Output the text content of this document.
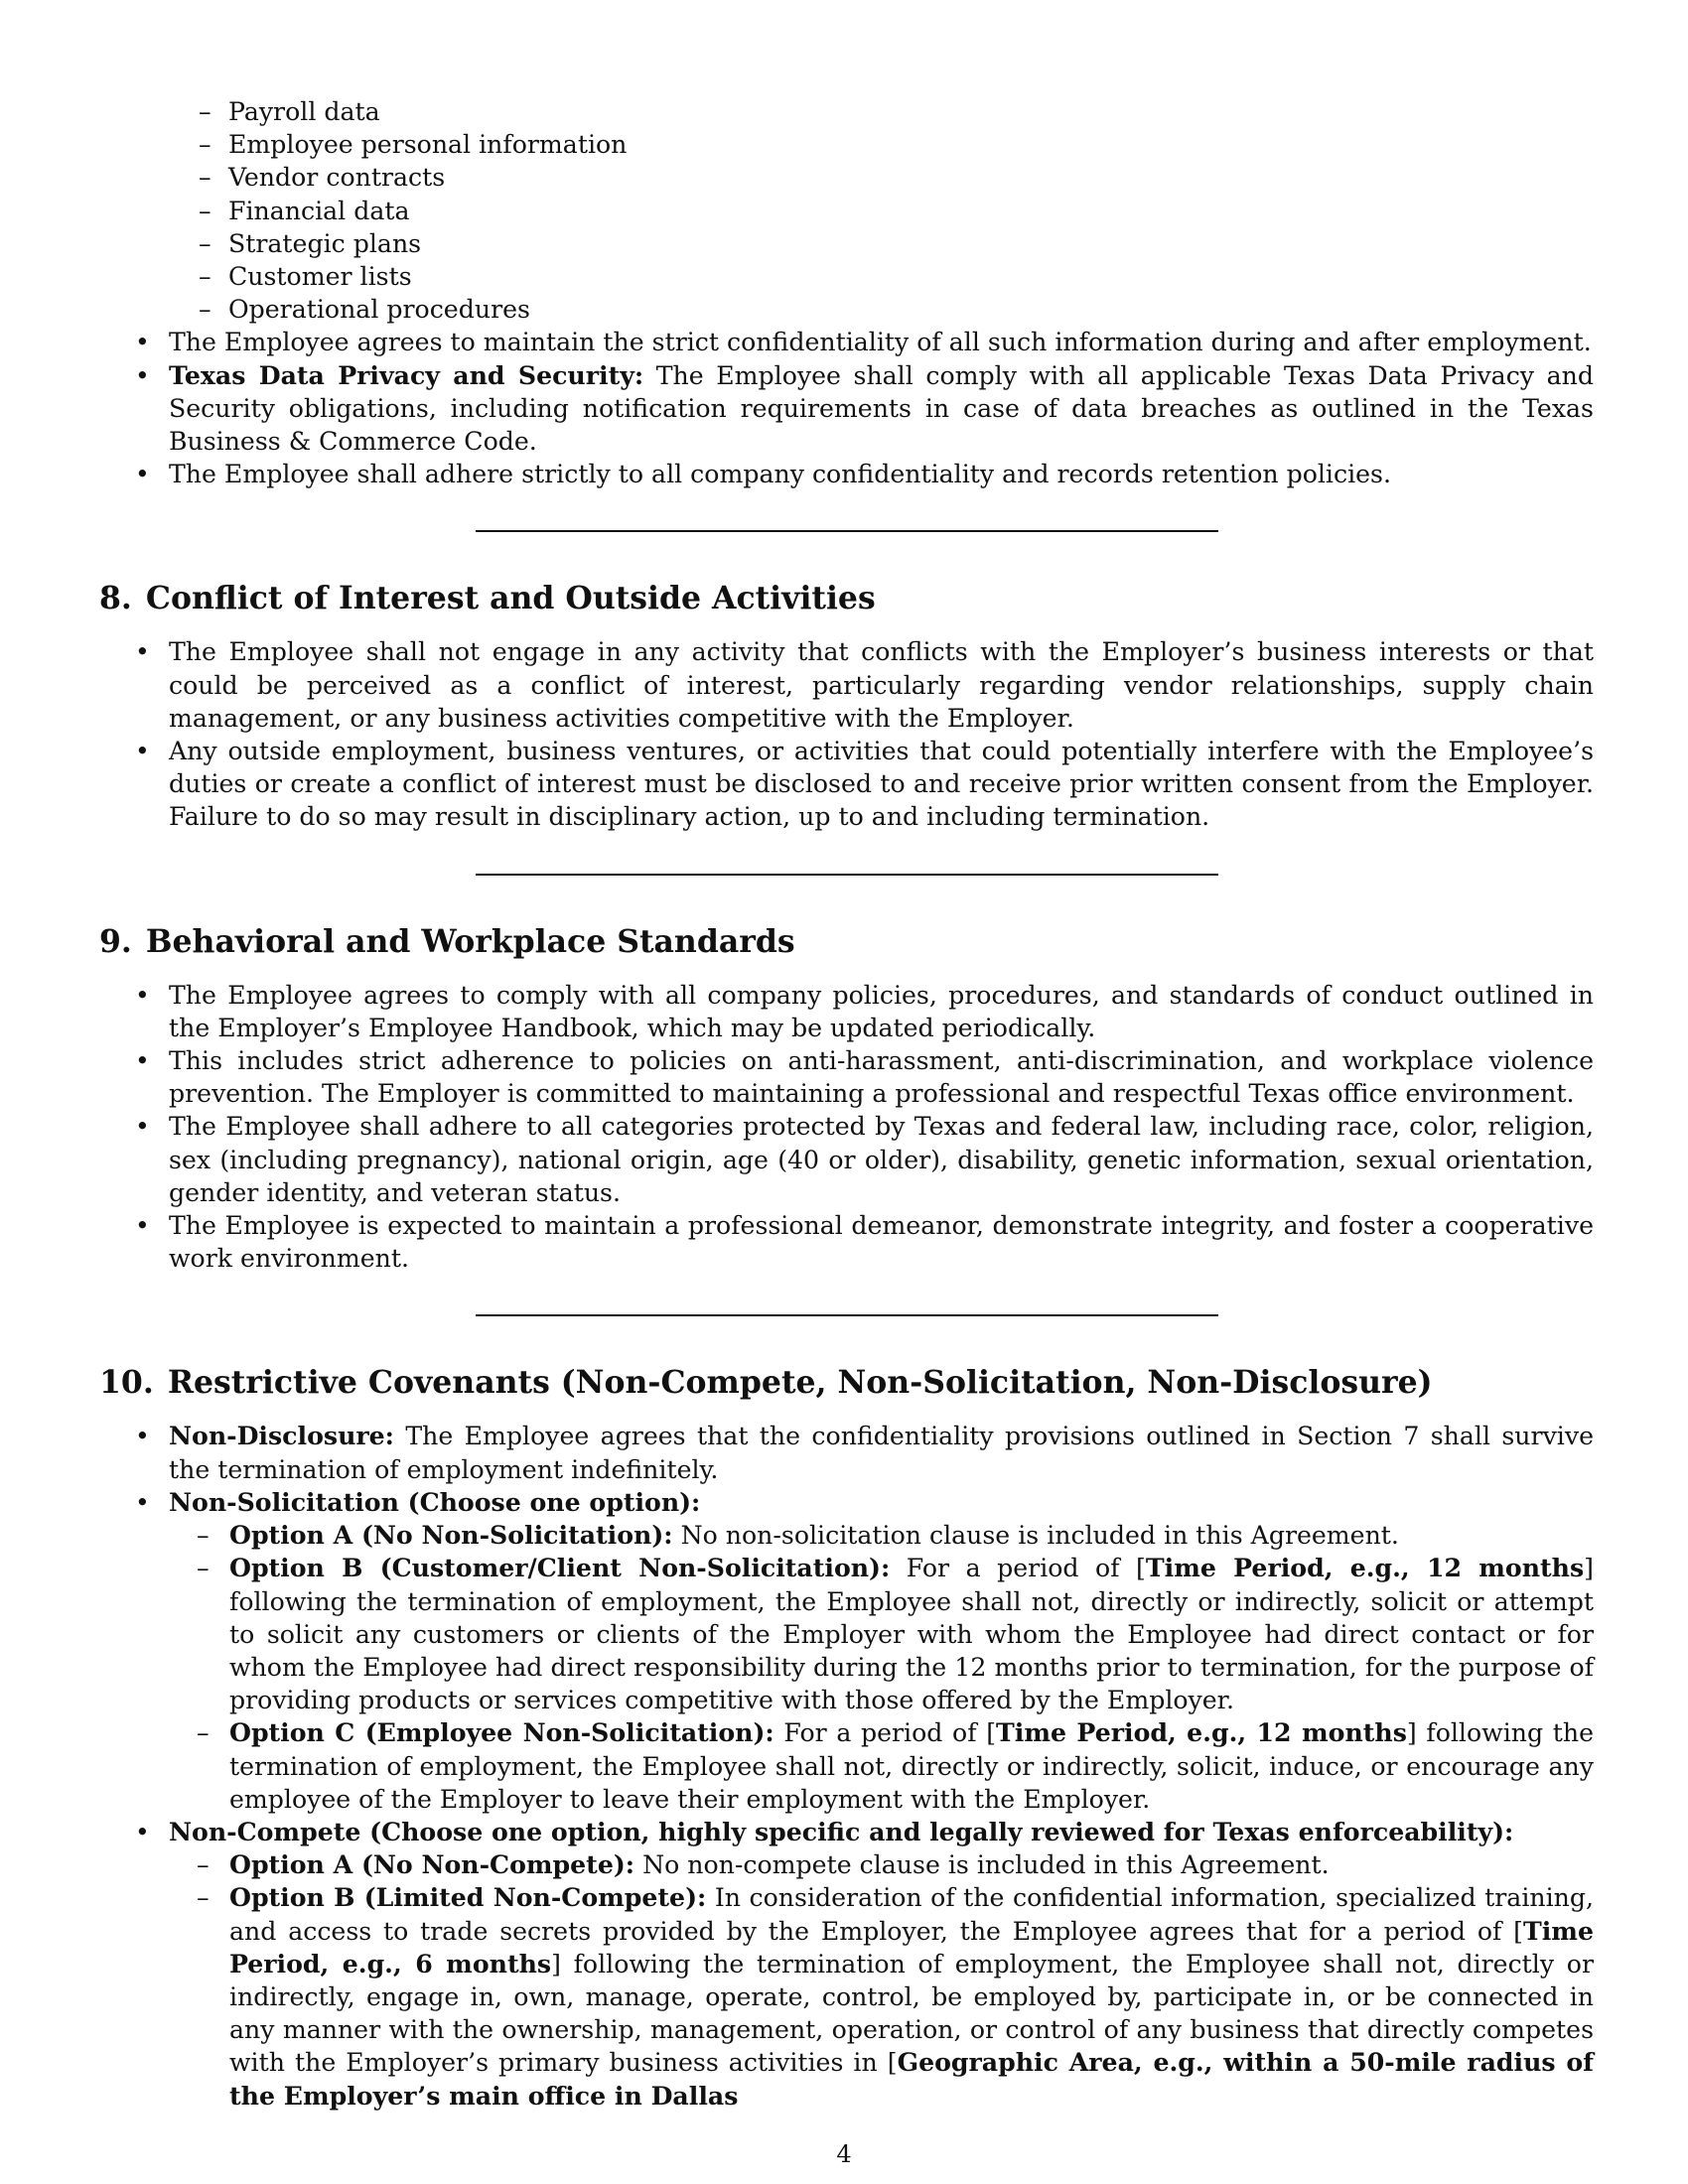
– Payroll data
– Employee personal information
– Vendor contracts
– Financial data
– Strategic plans
– Customer lists
– Operational procedures
• The Employee agrees to maintain the strict confidentiality of all such information during and after employment.
• Texas Data Privacy and Security: The Employee shall comply with all applicable Texas Data Privacy and Security obligations, including notification requirements in case of data breaches as outlined in the Texas Business & Commerce Code.
• The Employee shall adhere strictly to all company confidentiality and records retention policies.
8. Conflict of Interest and Outside Activities
• The Employee shall not engage in any activity that conflicts with the Employer’s business interests or that could be perceived as a conflict of interest, particularly regarding vendor relationships, supply chain management, or any business activities competitive with the Employer.
• Any outside employment, business ventures, or activities that could potentially interfere with the Employee’s duties or create a conflict of interest must be disclosed to and receive prior written consent from the Employer. Failure to do so may result in disciplinary action, up to and including termination.
9. Behavioral and Workplace Standards
• The Employee agrees to comply with all company policies, procedures, and standards of conduct outlined in the Employer’s Employee Handbook, which may be updated periodically.
• This includes strict adherence to policies on anti-harassment, anti-discrimination, and workplace violence prevention. The Employer is committed to maintaining a professional and respectful Texas office environment.
• The Employee shall adhere to all categories protected by Texas and federal law, including race, color, religion, sex (including pregnancy), national origin, age (40 or older), disability, genetic information, sexual orientation, gender identity, and veteran status.
• The Employee is expected to maintain a professional demeanor, demonstrate integrity, and foster a cooperative work environment.
10. Restrictive Covenants (Non-Compete, Non-Solicitation, Non-Disclosure)
• Non-Disclosure: The Employee agrees that the confidentiality provisions outlined in Section 7 shall survive the termination of employment indefinitely.
• Non-Solicitation (Choose one option):
– Option A (No Non-Solicitation): No non-solicitation clause is included in this Agreement.
– Option B (Customer/Client Non-Solicitation): For a period of [Time Period, e.g., 12 months] following the termination of employment, the Employee shall not, directly or indirectly, solicit or attempt to solicit any customers or clients of the Employer with whom the Employee had direct contact or for whom the Employee had direct responsibility during the 12 months prior to termination, for the purpose of providing products or services competitive with those offered by the Employer.
– Option C (Employee Non-Solicitation): For a period of [Time Period, e.g., 12 months] following the termination of employment, the Employee shall not, directly or indirectly, solicit, induce, or encourage any employee of the Employer to leave their employment with the Employer.
• Non-Compete (Choose one option, highly specific and legally reviewed for Texas enforceability):
– Option A (No Non-Compete): No non-compete clause is included in this Agreement.
– Option B (Limited Non-Compete): In consideration of the confidential information, specialized training, and access to trade secrets provided by the Employer, the Employee agrees that for a period of [Time Period, e.g., 6 months] following the termination of employment, the Employee shall not, directly or indirectly, engage in, own, manage, operate, control, be employed by, participate in, or be connected in any manner with the ownership, management, operation, or control of any business that directly competes with the Employer’s primary business activities in [Geographic Area, e.g., within a 50-mile radius of the Employer’s main office in Dallas
4
